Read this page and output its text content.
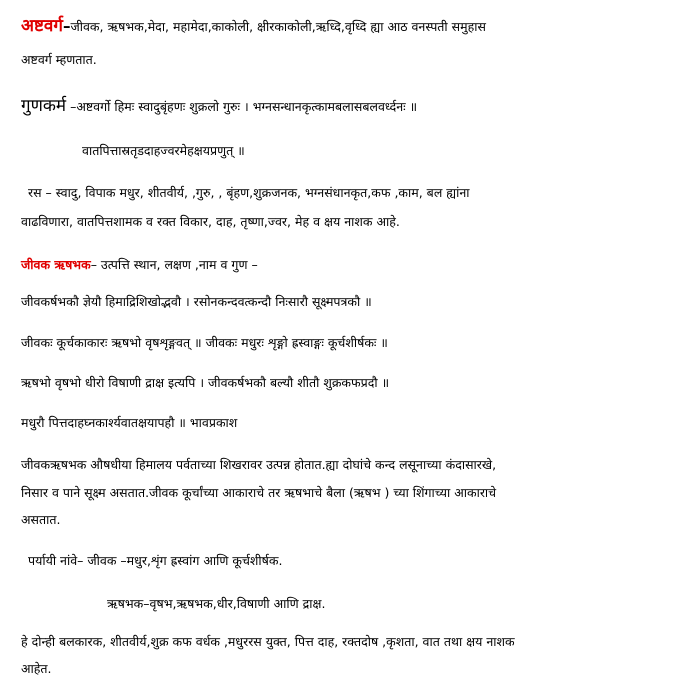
अष्टवर्ग–जीवक, ऋषभक,मेदा, महामेदा,काकोली, क्षीरकाकोली,ऋध्दि,वृध्दि ह्या आठ वनस्पती समुहास
अष्टवर्ग म्हणतात.
गुणकर्म –अष्टवर्गो हिमः स्वादुबृंहणः शुक्रलो गुरुः । भग्नसन्धानकृत्कामबलासबलवर्ध्दनः ॥
वातपित्तास्रतृडदाहज्वरमेहक्षयप्रणुत् ॥
रस – स्वादु, विपाक मधुर, शीतवीर्य, ,गुरु, , बृंहण,शुक्रजनक, भग्नसंधानकृत,कफ ,काम, बल ह्यांना
वाढविणारा, वातपित्तशामक व रक्त विकार, दाह, तृष्णा,ज्वर, मेह व क्षय नाशक आहे.
जीवक ऋषभक– उत्पत्ति स्थान, लक्षण ,नाम व गुण –
जीवकर्षभकौ ज्ञेयौ हिमाद्रिशिखोद्भवौ । रसोनकन्दवत्कन्दौ निःसारौ सूक्ष्मपत्रकौ ॥
जीवकः कूर्चकाकारः ऋषभो वृषशृङ्गवत् ॥ जीवकः मधुरः शृङ्गो ह्रस्वाङ्गः कूर्चशीर्षकः ॥
ऋषभो वृषभो धीरो विषाणी द्राक्ष इत्यपि । जीवकर्षभकौ बल्यौ शीतौ शुक्रकफप्रदौ ॥
मधुरौ पित्तदाहघ्नकार्श्यवातक्षयापहौ ॥ भावप्रकाश
जीवकऋषभक औषधीया हिमालय पर्वताच्या शिखरावर उत्पन्न होतात.ह्या दोघांचे कन्द लसूनाच्या कंदासारखे,
निसार व पाने सूक्ष्म असतात.जीवक कूर्चांच्या आकाराचे तर ऋषभाचे बैला (ऋषभ ) च्या शिंगाच्या आकाराचे
असतात.
पर्यायी नांवे– जीवक –मधुर,शृंग ह्रस्वांग आणि कूर्चशीर्षक.
ऋषभक–वृषभ,ऋषभक,धीर,विषाणी आणि द्राक्ष.
हे दोन्ही बलकारक, शीतवीर्य,शुक्र कफ वर्धक ,मधुररस युक्त, पित्त दाह, रक्तदोष ,कृशता, वात तथा क्षय नाशक
आहेत.
